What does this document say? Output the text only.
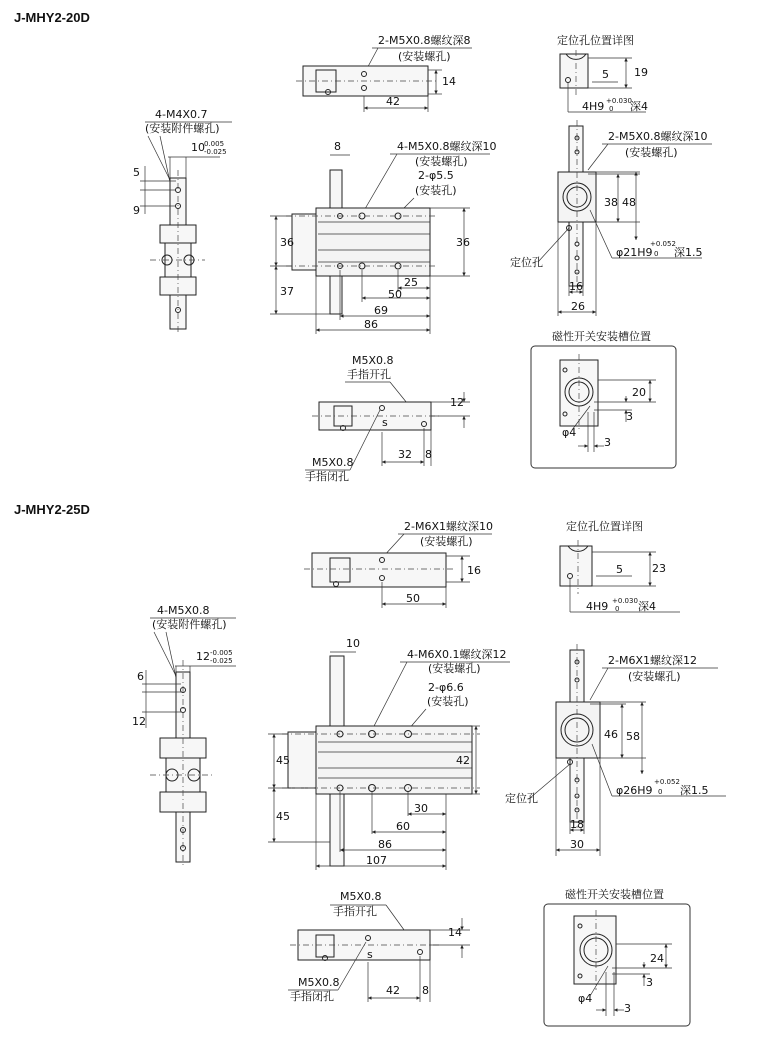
J-MHY2-20D
4-M4X0.7
(安装附件螺孔)
10 0.005
-0.025
5
9
2-M5X0.8螺纹深8
(安装螺孔)
14
42
定位孔位置详图
19
5
4H9 +0.030
0 深4
8	4-M5X0.8螺纹深10
(安装螺孔)
2-φ5.5
(安装孔)
36
37
36
25
50
69
86
2-M5X0.8螺纹深10
(安装螺孔)
38 48
定位孔
φ21H9
+0.052
0 深1.5
16
26
M5X0.8
手指开孔
s
12
M5X0.8
手指闭孔
32 8
磁性开关安装槽位置
20
3
φ4
3
J-MHY2-25D
4-M5X0.8
(安装附件螺孔)
12 -0.005
-0.025
6
12
2-M6X1螺纹深10
(安装螺孔)
16
50
定位孔位置详图
23
5
4H9 +0.030
0 深4
10
4-M6X0.1螺纹深12
(安装螺孔)
2-φ6.6
(安装孔)
45
45
42
30
60
86
107
2-M6X1螺纹深12
(安装螺孔)
46 58
定位孔
φ26H9
+0.052
0 深1.5
18
30
M5X0.8
手指开孔
s
14
M5X0.8
手指闭孔	42 8
磁性开关安装槽位置
24
3
φ4
3
